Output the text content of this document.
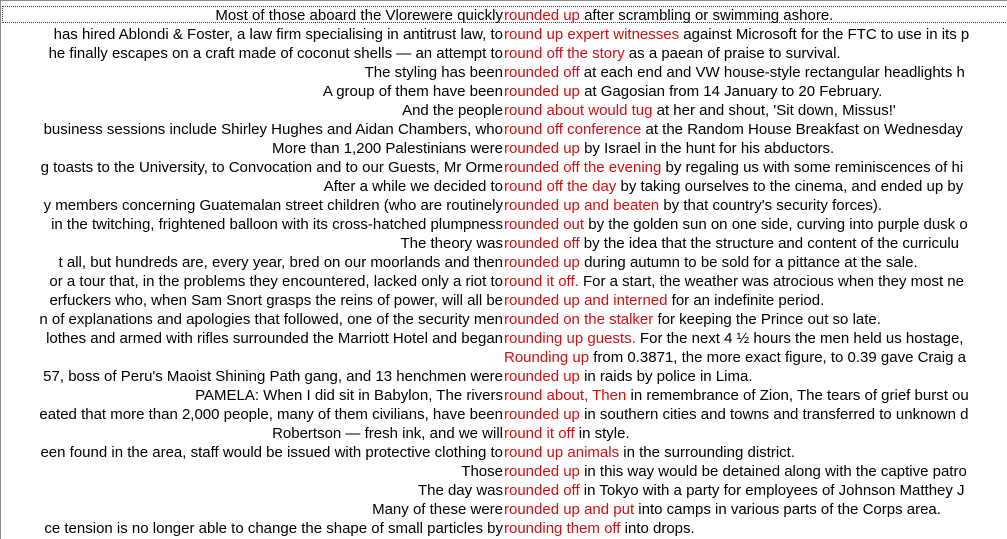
Most of those aboard the Vlorewere quickly rounded up after scrambling or swimming ashore.
has hired Ablondi & Foster, a law firm specialising in antitrust law, to round up expert witnesses against Microsoft for the FTC to use in its p
he finally escapes on a craft made of coconut shells — an attempt to round off the story as a paean of praise to survival.
The styling has been rounded off at each end and VW house-style rectangular headlights h
A group of them have been rounded up at Gagosian from 14 January to 20 February.
And the people round about would tug at her and shout, 'Sit down, Missus!'
business sessions include Shirley Hughes and Aidan Chambers, who round off conference at the Random House Breakfast on Wednesday
More than 1,200 Palestinians were rounded up by Israel in the hunt for his abductors.
g toasts to the University, to Convocation and to our Guests, Mr Orme rounded off the evening by regaling us with some reminiscences of hi
After a while we decided to round off the day by taking ourselves to the cinema, and ended up by
y members concerning Guatemalan street children (who are routinely rounded up and beaten by that country's security forces).
in the twitching, frightened balloon with its cross-hatched plumpness rounded out by the golden sun on one side, curving into purple dusk o
The theory was rounded off by the idea that the structure and content of the curriculu
t all, but hundreds are, every year, bred on our moorlands and then rounded up during autumn to be sold for a pittance at the sale.
or a tour that, in the problems they encountered, lacked only a riot to round it off. For a start, the weather was atrocious when they most ne
erfuckers who, when Sam Snort grasps the reins of power, will all be rounded up and interned for an indefinite period.
n of explanations and apologies that followed, one of the security men rounded on the stalker for keeping the Prince out so late.
lothes and armed with rifles surrounded the Marriott Hotel and began rounding up guests. For the next 4 ½ hours the men held us hostage,
Rounding up from 0.3871, the more exact figure, to 0.39 gave Craig a
57, boss of Peru's Maoist Shining Path gang, and 13 henchmen were rounded up in raids by police in Lima.
PAMELA: When I did sit in Babylon, The rivers round about, Then in remembrance of Zion, The tears of grief burst ou
eated that more than 2,000 people, many of them civilians, have been rounded up in southern cities and towns and transferred to unknown d
Robertson — fresh ink, and we will round it off in style.
een found in the area, staff would be issued with protective clothing to round up animals in the surrounding district.
Those rounded up in this way would be detained along with the captive patro
The day was rounded off in Tokyo with a party for employees of Johnson Matthey J
Many of these were rounded up and put into camps in various parts of the Corps area.
ce tension is no longer able to change the shape of small particles by rounding them off into drops.
